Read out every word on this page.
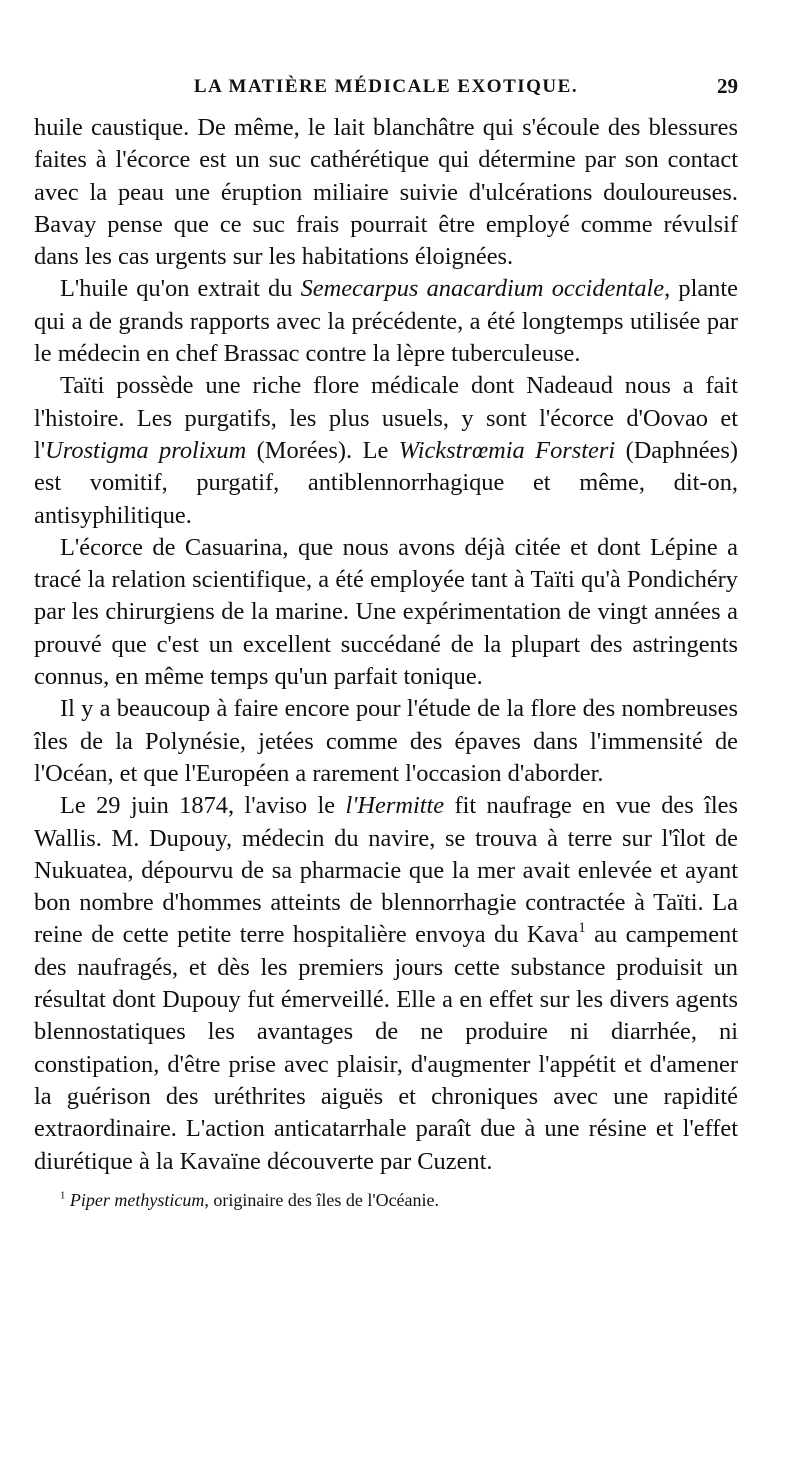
LA MATIÈRE MÉDICALE EXOTIQUE.	29

huile caustique. De même, le lait blanchâtre qui s'écoule des blessures faites à l'écorce est un suc cathérétique qui détermine par son contact avec la peau une éruption miliaire suivie d'ulcérations douloureuses. Bavay pense que ce suc frais pourrait être employé comme révulsif dans les cas urgents sur les habitations éloignées.

L'huile qu'on extrait du Semecarpus anacardium occidentale, plante qui a de grands rapports avec la précédente, a été longtemps utilisée par le médecin en chef Brassac contre la lèpre tuberculeuse.

Taïti possède une riche flore médicale dont Nadeaud nous a fait l'histoire. Les purgatifs, les plus usuels, y sont l'écorce d'Oovao et l'Urostigma prolixum (Morées). Le Wickstrœmia Forsteri (Daphnées) est vomitif, purgatif, antiblennorrhagique et même, dit-on, antisyphilitique.

L'écorce de Casuarina, que nous avons déjà citée et dont Lépine a tracé la relation scientifique, a été employée tant à Taïti qu'à Pondichéry par les chirurgiens de la marine. Une expérimentation de vingt années a prouvé que c'est un excellent succédané de la plupart des astringents connus, en même temps qu'un parfait tonique.

Il y a beaucoup à faire encore pour l'étude de la flore des nombreuses îles de la Polynésie, jetées comme des épaves dans l'immensité de l'Océan, et que l'Européen a rarement l'occasion d'aborder.

Le 29 juin 1874, l'aviso le l'Hermitte fit naufrage en vue des îles Wallis. M. Dupouy, médecin du navire, se trouva à terre sur l'îlot de Nukuatea, dépourvu de sa pharmacie que la mer avait enlevée et ayant bon nombre d'hommes atteints de blennorrhagie contractée à Taïti. La reine de cette petite terre hospitalière envoya du Kava$^1$ au campement des naufragés, et dès les premiers jours cette substance produisit un résultat dont Dupouy fut émerveillé. Elle a en effet sur les divers agents blennostatiques les avantages de ne produire ni diarrhée, ni constipation, d'être prise avec plaisir, d'augmenter l'appétit et d'amener la guérison des uréthrites aiguës et chroniques avec une rapidité extraordinaire. L'action anticatarrhale paraît due à une résine et l'effet diurétique à la Kavaïne découverte par Cuzent.

$^1$ Piper methysticum, originaire des îles de l'Océanie.
